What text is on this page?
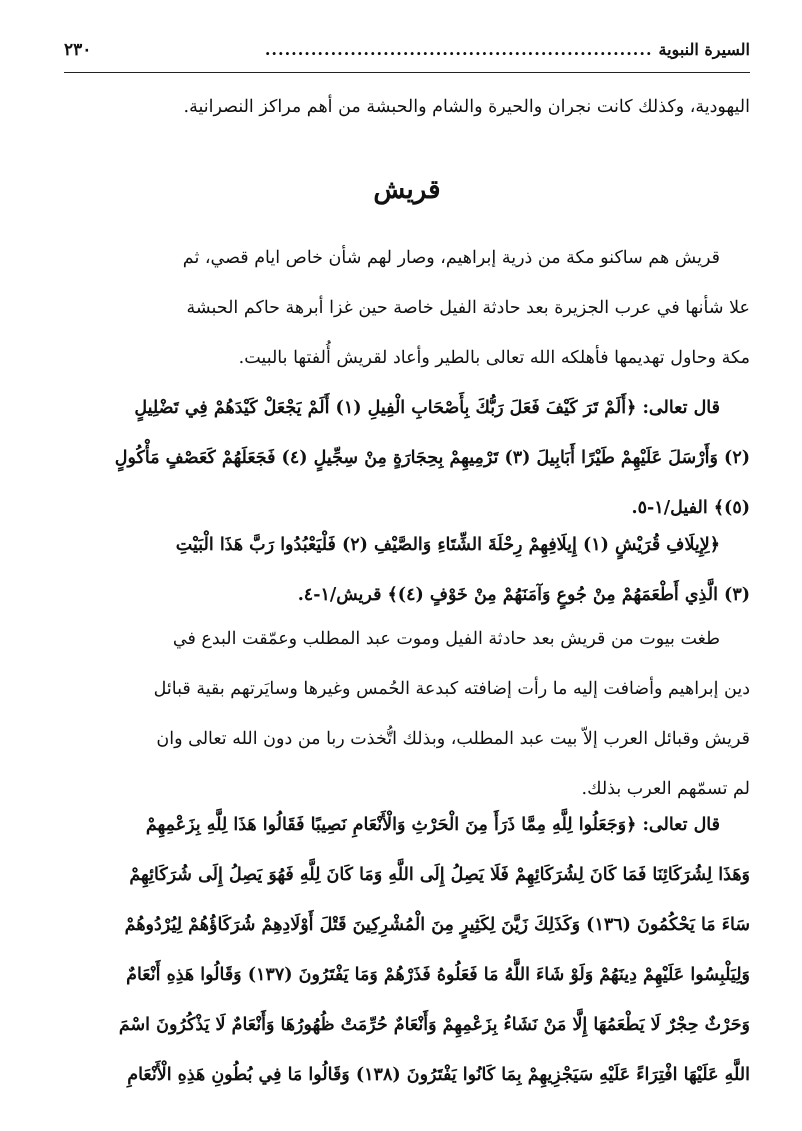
السيرة النبوية
...........................................................
٢٣٠
اليهودية، وكذلك كانت نجران والحيرة والشام والحبشة من أهم مراكز النصرانية.
قريش
قريش هم ساكنو مكة من ذرية إبراهيم، وصار لهم شأن خاص ايام قصي، ثم
علا شأنها في عرب الجزيرة بعد حادثة الفيل خاصة حين غزا أبرهة حاكم الحبشة
مكة وحاول تهديمها فأهلكه الله تعالى بالطير وأعاد لقريش أُلفتها بالبيت.
قال تعالى: ﴿أَلَمْ تَرَ كَيْفَ فَعَلَ رَبُّكَ بِأَصْحَابِ الْفِيلِ (١) أَلَمْ يَجْعَلْ كَيْدَهُمْ فِي تَضْلِيلٍ
(٢) وَأَرْسَلَ عَلَيْهِمْ طَيْرًا أَبَابِيلَ (٣) تَرْمِيهِمْ بِحِجَارَةٍ مِنْ سِجِّيلٍ (٤) فَجَعَلَهُمْ كَعَصْفٍ مَأْكُولٍ
(٥)﴾ الفيل/١-٥.
﴿لِإِيلَافِ قُرَيْشٍ (١) إِيلَافِهِمْ رِحْلَةَ الشِّتَاءِ وَالصَّيْفِ (٢) فَلْيَعْبُدُوا رَبَّ هَذَا الْبَيْتِ
(٣) الَّذِي أَطْعَمَهُمْ مِنْ جُوعٍ وَآمَنَهُمْ مِنْ خَوْفٍ (٤)﴾ قريش/١-٤.
طغت بيوت من قريش بعد حادثة الفيل وموت عبد المطلب وعمّقت البدع في
دين إبراهيم وأضافت إليه ما رأت إضافته كبدعة الحُمس وغيرها وسايَرتهم بقية قبائل
قريش وقبائل العرب إلاّ بيت عبد المطلب، وبذلك اتُّخذت ربا من دون الله تعالى وان
لم تسمّهم العرب بذلك.
قال تعالى: ﴿وَجَعَلُوا لِلَّهِ مِمَّا ذَرَأَ مِنَ الْحَرْثِ وَالْأَنْعَامِ نَصِيبًا فَقَالُوا هَذَا لِلَّهِ بِزَعْمِهِمْ
وَهَذَا لِشُرَكَائِنَا فَمَا كَانَ لِشُرَكَائِهِمْ فَلَا يَصِلُ إِلَى اللَّهِ وَمَا كَانَ لِلَّهِ فَهُوَ يَصِلُ إِلَى شُرَكَائِهِمْ
سَاءَ مَا يَحْكُمُونَ (١٣٦) وَكَذَلِكَ زَيَّنَ لِكَثِيرٍ مِنَ الْمُشْرِكِينَ قَتْلَ أَوْلَادِهِمْ شُرَكَاؤُهُمْ لِيُرْدُوهُمْ
وَلِيَلْبِسُوا عَلَيْهِمْ دِينَهُمْ وَلَوْ شَاءَ اللَّهُ مَا فَعَلُوهُ فَذَرْهُمْ وَمَا يَفْتَرُونَ (١٣٧) وَقَالُوا هَذِهِ أَنْعَامٌ
وَحَرْثٌ حِجْرٌ لَا يَطْعَمُهَا إِلَّا مَنْ نَشَاءُ بِزَعْمِهِمْ وَأَنْعَامٌ حُرِّمَتْ ظُهُورُهَا وَأَنْعَامٌ لَا يَذْكُرُونَ اسْمَ
اللَّهِ عَلَيْهَا افْتِرَاءً عَلَيْهِ سَيَجْزِيهِمْ بِمَا كَانُوا يَفْتَرُونَ (١٣٨) وَقَالُوا مَا فِي بُطُونِ هَذِهِ الْأَنْعَامِ
